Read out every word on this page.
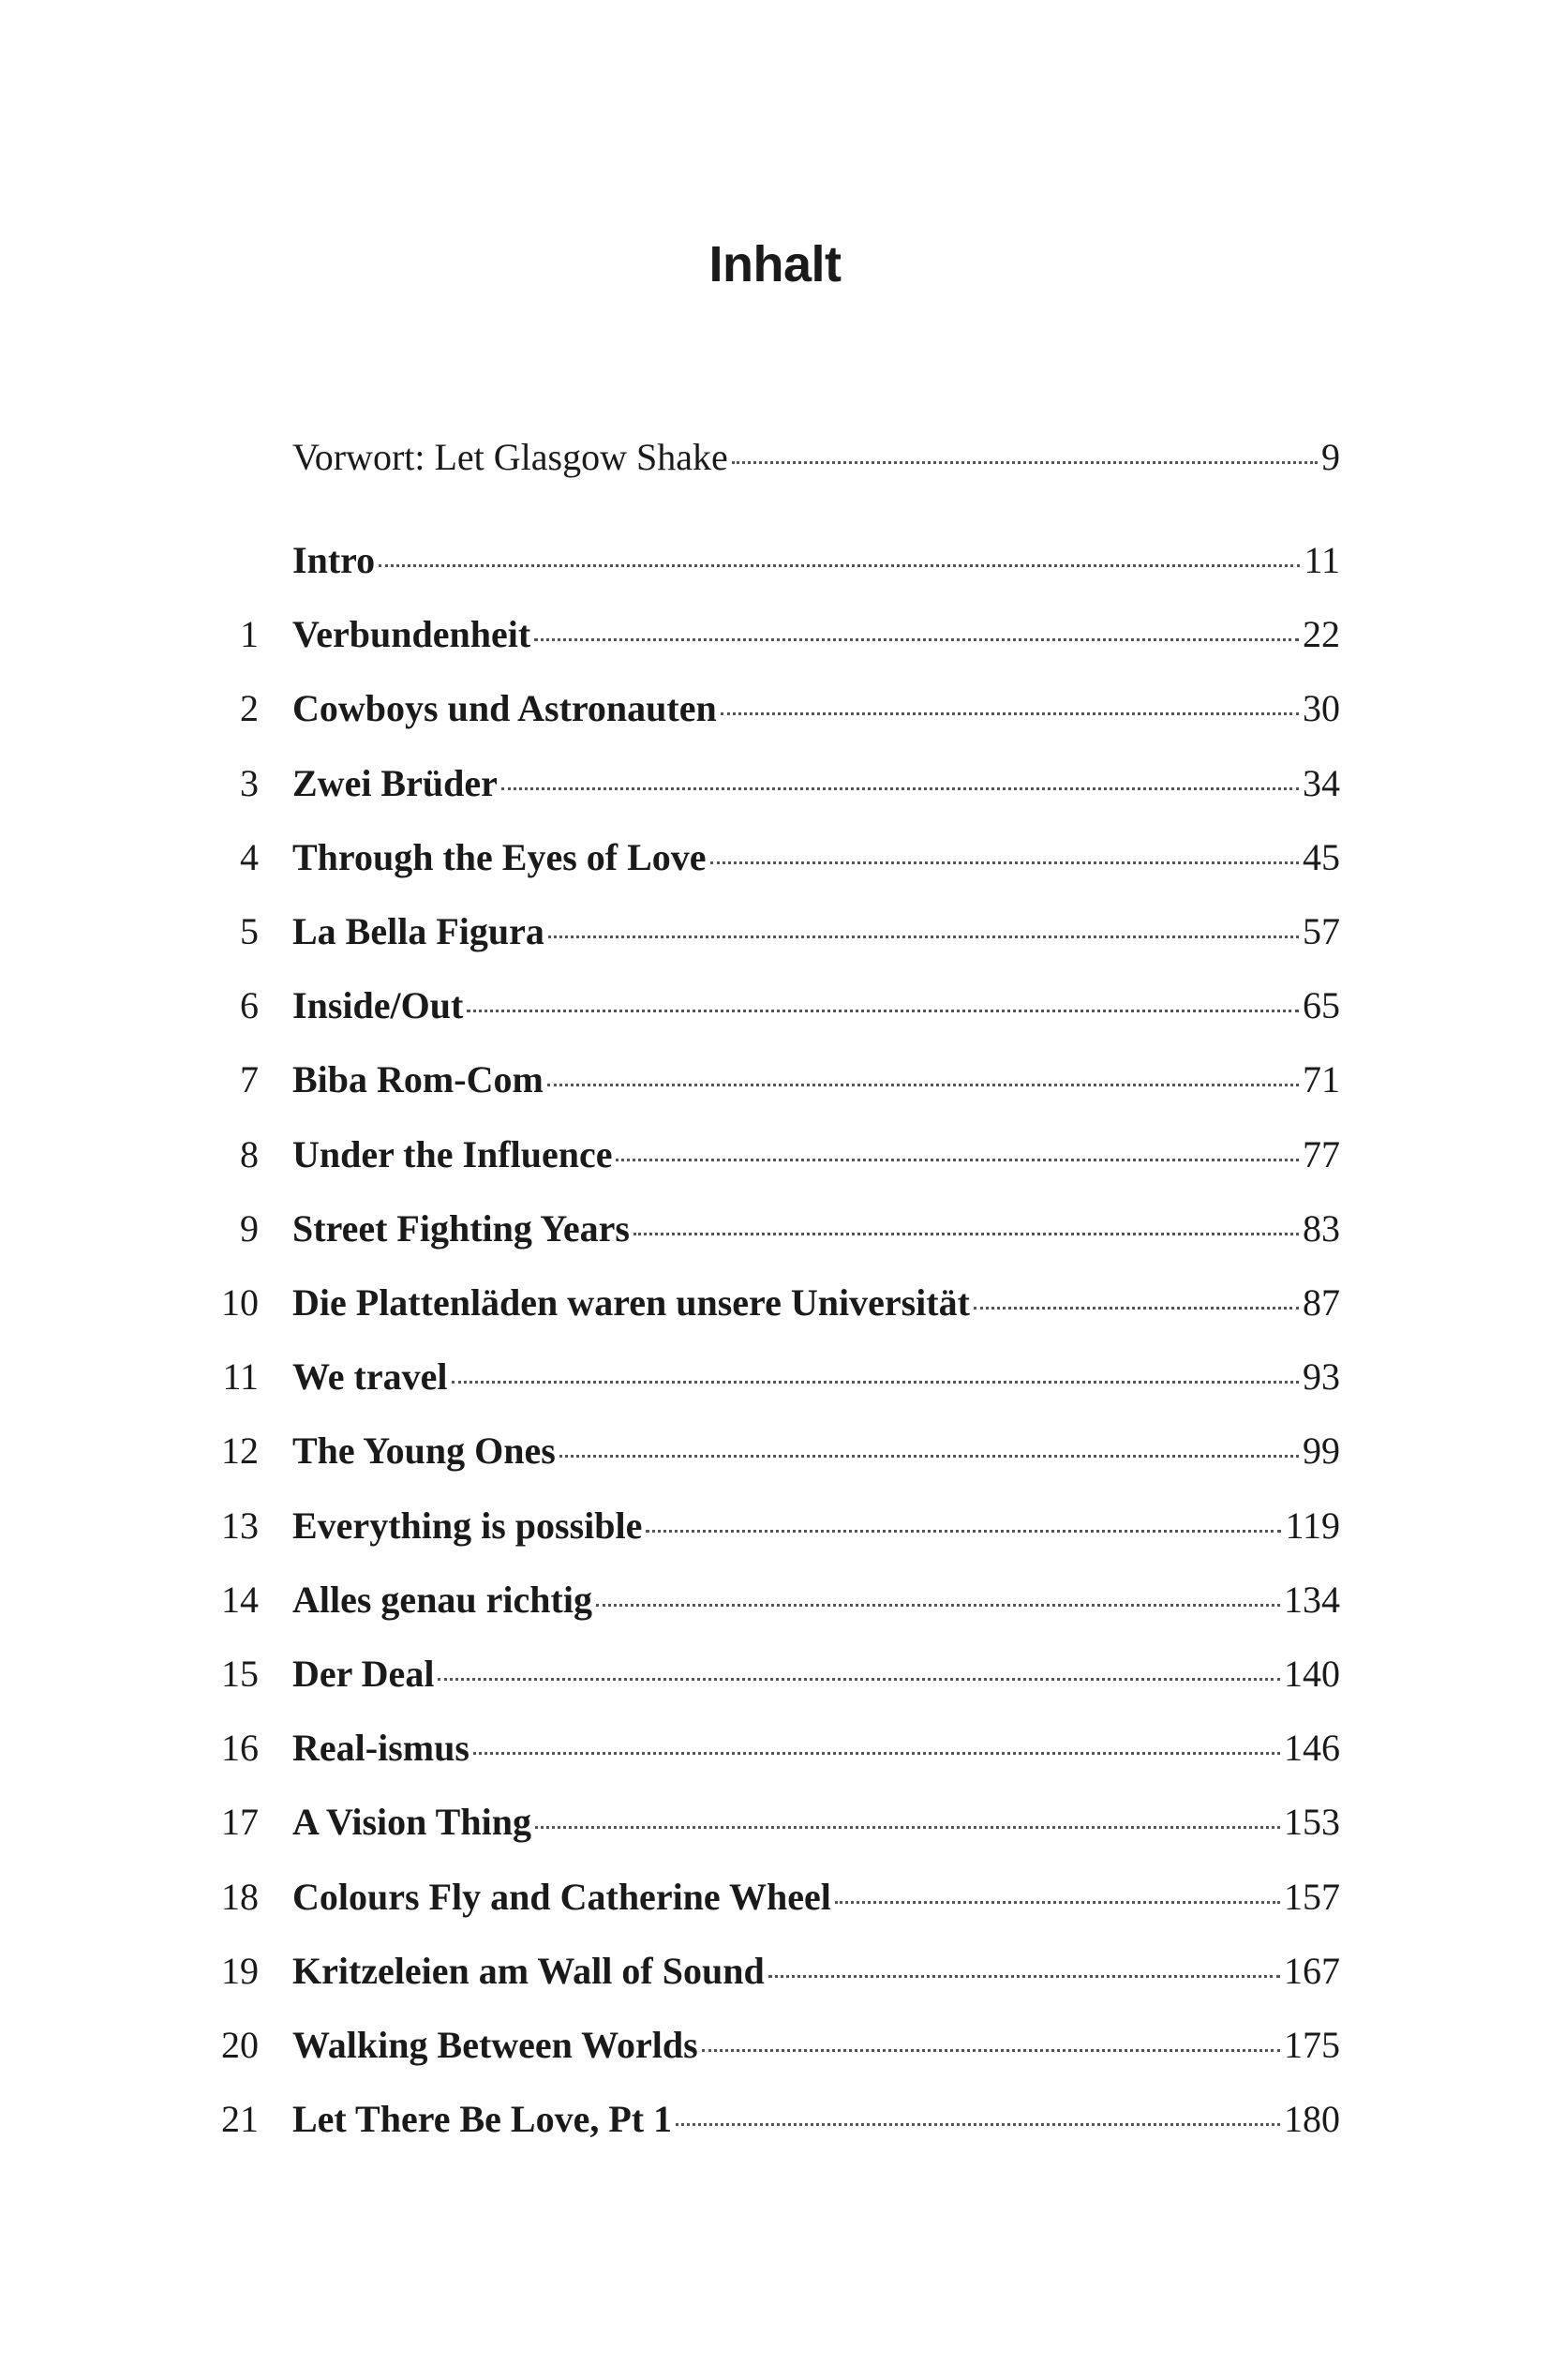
Inhalt
Vorwort: Let Glasgow Shake	9
Intro	11
1 Verbundenheit	22
2 Cowboys und Astronauten	30
3 Zwei Brüder	34
4 Through the Eyes of Love	45
5 La Bella Figura	57
6 Inside/Out	65
7 Biba Rom-Com	71
8 Under the Influence	77
9 Street Fighting Years	83
10 Die Plattenläden waren unsere Universität	87
11 We travel	93
12 The Young Ones	99
13 Everything is possible	119
14 Alles genau richtig	134
15 Der Deal	140
16 Real-ismus	146
17 A Vision Thing	153
18 Colours Fly and Catherine Wheel	157
19 Kritzeleien am Wall of Sound	167
20 Walking Between Worlds	175
21 Let There Be Love, Pt 1	180
